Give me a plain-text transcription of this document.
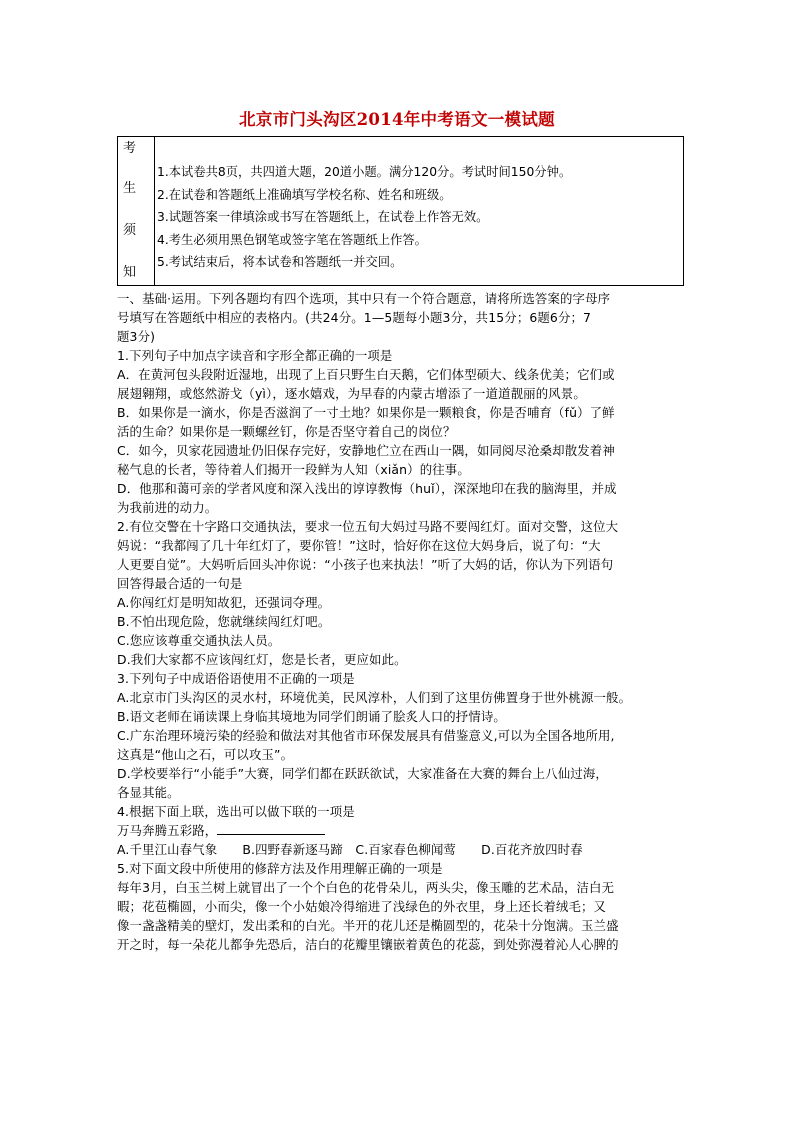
北京市门头沟区2014年中考语文一模试题
考
生
须
知
1.本试卷共8页，共四道大题，20道小题。满分120分。考试时间150分钟。
2.在试卷和答题纸上准确填写学校名称、姓名和班级。
3.试题答案一律填涂或书写在答题纸上，在试卷上作答无效。
4.考生必须用黑色钢笔或签字笔在答题纸上作答。
5.考试结束后，将本试卷和答题纸一并交回。
一、基础·运用。下列各题均有四个选项，其中只有一个符合题意，请将所选答案的字母序
号填写在答题纸中相应的表格内。(共24分。1—5题每小题3分，共15分；6题6分；7
题3分)
1.下列句子中加点字读音和字形全都正确的一项是
A．在黄河包头段附近湿地，出现了上百只野生白天鹅，它们体型硕大、线条优美；它们或
展翅翱翔，或悠然游戈（yì），逐水嬉戏，为早春的内蒙古增添了一道道靓丽的风景。
B．如果你是一滴水，你是否滋润了一寸土地？如果你是一颗粮食，你是否哺育（fǔ）了鲜
活的生命？如果你是一颗螺丝钉，你是否坚守着自己的岗位？
C．如今，贝家花园遗址仍旧保存完好，安静地伫立在西山一隅，如同阅尽沧桑却散发着神
秘气息的长者，等待着人们揭开一段鲜为人知（xiǎn）的往事。
D．他那和蔼可亲的学者风度和深入浅出的谆谆教悔（huǐ），深深地印在我的脑海里，并成
为我前进的动力。
2.有位交警在十字路口交通执法，要求一位五旬大妈过马路不要闯红灯。面对交警，这位大
妈说：“我都闯了几十年红灯了，要你管！”这时，恰好你在这位大妈身后，说了句：“大
人更要自觉”。大妈听后回头冲你说：“小孩子也来执法！”听了大妈的话，你认为下列语句
回答得最合适的一句是
A.你闯红灯是明知故犯，还强词夺理。
B.不怕出现危险，您就继续闯红灯吧。
C.您应该尊重交通执法人员。
D.我们大家都不应该闯红灯，您是长者，更应如此。
3.下列句子中成语俗语使用不正确的一项是
A.北京市门头沟区的灵水村，环境优美，民风淳朴，人们到了这里仿佛置身于世外桃源一般。
B.语文老师在诵读课上身临其境地为同学们朗诵了脍炙人口的抒情诗。
C.广东治理环境污染的经验和做法对其他省市环保发展具有借鉴意义,可以为全国各地所用,
这真是“他山之石，可以攻玉”。
D.学校要举行“小能手”大赛，同学们都在跃跃欲试，大家准备在大赛的舞台上八仙过海，
各显其能。
4.根据下面上联，选出可以做下联的一项是
万马奔腾五彩路，
A.千里江山春气象　　B.四野春新逐马蹄　C.百家春色柳闻莺　　D.百花齐放四时春
5.对下面文段中所使用的修辞方法及作用理解正确的一项是
每年3月，白玉兰树上就冒出了一个个白色的花骨朵儿，两头尖，像玉雕的艺术品，洁白无
暇；花苞椭圆，小而尖，像一个小姑娘冷得缩进了浅绿色的外衣里，身上还长着绒毛；又
像一盏盏精美的壁灯，发出柔和的白光。半开的花儿还是椭圆型的，花朵十分饱满。玉兰盛
开之时，每一朵花儿都争先恐后，洁白的花瓣里镶嵌着黄色的花蕊，到处弥漫着沁人心脾的
